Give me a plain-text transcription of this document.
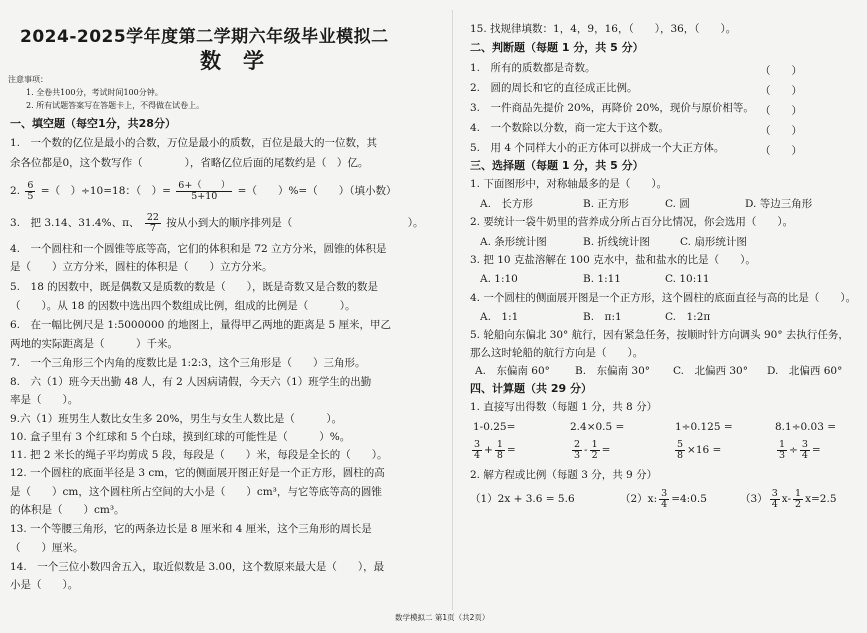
2024-2025学年度第二学期六年级毕业模拟二
数学
注意事项：
1. 全卷共100分，考试时间100分钟。
2. 所有试题答案写在答题卡上，不得做在试卷上。
一、填空题（每空1分，共28分）
1.　一个数的亿位是最小的合数，万位是最小的质数，百位是最大的一位数，其
余各位都是0，这个数写作（　　　　），省略亿位后面的尾数约是（　）亿。
2. $\frac{6}{5}$ =（　）÷10=18：（　）= $\frac{6+( )}{5+10}$ =（　　）%=（　　）（填小数）
3.　把 3.14、31.4%、π、 $\frac{22}{7}$ 按从小到大的顺序排列是（　　　　　　　　　　　）。
4.　一个圆柱和一个圆锥等底等高，它们的体积和是 72 立方分米，圆锥的体积是
是（　　）立方分米，圆柱的体积是（　　）立方分米。
5.　18 的因数中，既是偶数又是质数的数是（　　），既是奇数又是合数的数是
（　　）。从 18 的因数中选出四个数组成比例，组成的比例是（　　　）。
6.　在一幅比例尺是 1:5000000 的地图上，量得甲乙两地的距离是 5 厘米，甲乙
两地的实际距离是（　　　）千米。
7.　一个三角形三个内角的度数比是 1:2:3，这个三角形是（　　）三角形。
8.　六（1）班今天出勤 48 人，有 2 人因病请假，今天六（1）班学生的出勤
率是（　　）。
9.六（1）班男生人数比女生多 20%，男生与女生人数比是（　　　）。
10. 盒子里有 3 个红球和 5 个白球，摸到红球的可能性是（　　　）%。
11. 把 2 米长的绳子平均剪成 5 段，每段是（　　）米，每段是全长的（　　）。
12. 一个圆柱的底面半径是 3 cm，它的侧面展开图正好是一个正方形，圆柱的高
是（　　）cm，这个圆柱所占空间的大小是（　　）cm³，与它等底等高的圆锥
的体积是（　　）cm³。
13. 一个等腰三角形，它的两条边长是 8 厘米和 4 厘米，这个三角形的周长是
（　　）厘米。
14.　一个三位小数四舍五入，取近似数是 3.00，这个数原来最大是（　　），最
小是（　　）。
15. 找规律填数：1，4，9，16，（　　），36，（　　）。
二、判断题（每题 1 分，共 5 分）
1.　所有的质数都是奇数。	（　　）
2.　圆的周长和它的直径成正比例。	（　　）
3.　一件商品先提价 20%，再降价 20%，现价与原价相等。 （　　）
4.　一个数除以分数，商一定大于这个数。	（　　）
5.　用 4 个同样大小的正方体可以拼成一个大正方体。	（　　）
三、选择题（每题 1 分，共 5 分）
1. 下面图形中，对称轴最多的是（　　）。
A.　长方形	B. 正方形	C. 圆	D. 等边三角形
2. 要统计一袋牛奶里的营养成分所占百分比情况，你会选用（　　）。
A. 条形统计图	B. 折线统计图	C. 扇形统计图
3. 把 10 克盐溶解在 100 克水中，盐和盐水的比是（　　）。
A. 1:10	B. 1:11	C. 10:11
4. 一个圆柱的侧面展开图是一个正方形，这个圆柱的底面直径与高的比是（　　）。
A.　1:1	B.　π:1	C.　1:2π
5. 轮船向东偏北 30° 航行，因有紧急任务，按顺时针方向调头 90° 去执行任务，
那么这时轮船的航行方向是（　　）。
A.　东偏南 60° B.　东偏南 30° C.　北偏西 30° D.　北偏西 60°
四、计算题（共 29 分）
1. 直接写出得数（每题 1 分，共 8 分）
1-0.25=	2.4×0.5 =	1÷0.125 =	8.1÷0.03 =
$\frac{3}{4} + \frac{1}{8}$ =	$\frac{2}{3} - \frac{1}{2}$ =	$\frac{5}{8} \times 16$ =	$\frac{1}{3} \div \frac{3}{4}$ =
2. 解方程或比例（每题 3 分，共 9 分）
（1）2x + 3.6 = 5.6	（2）x: $\frac{3}{4}$ =4:0.5	$(3) \frac{3}{4} x- \frac{1}{2} x=2.5$
数学模拟二 第1页（共2页）
